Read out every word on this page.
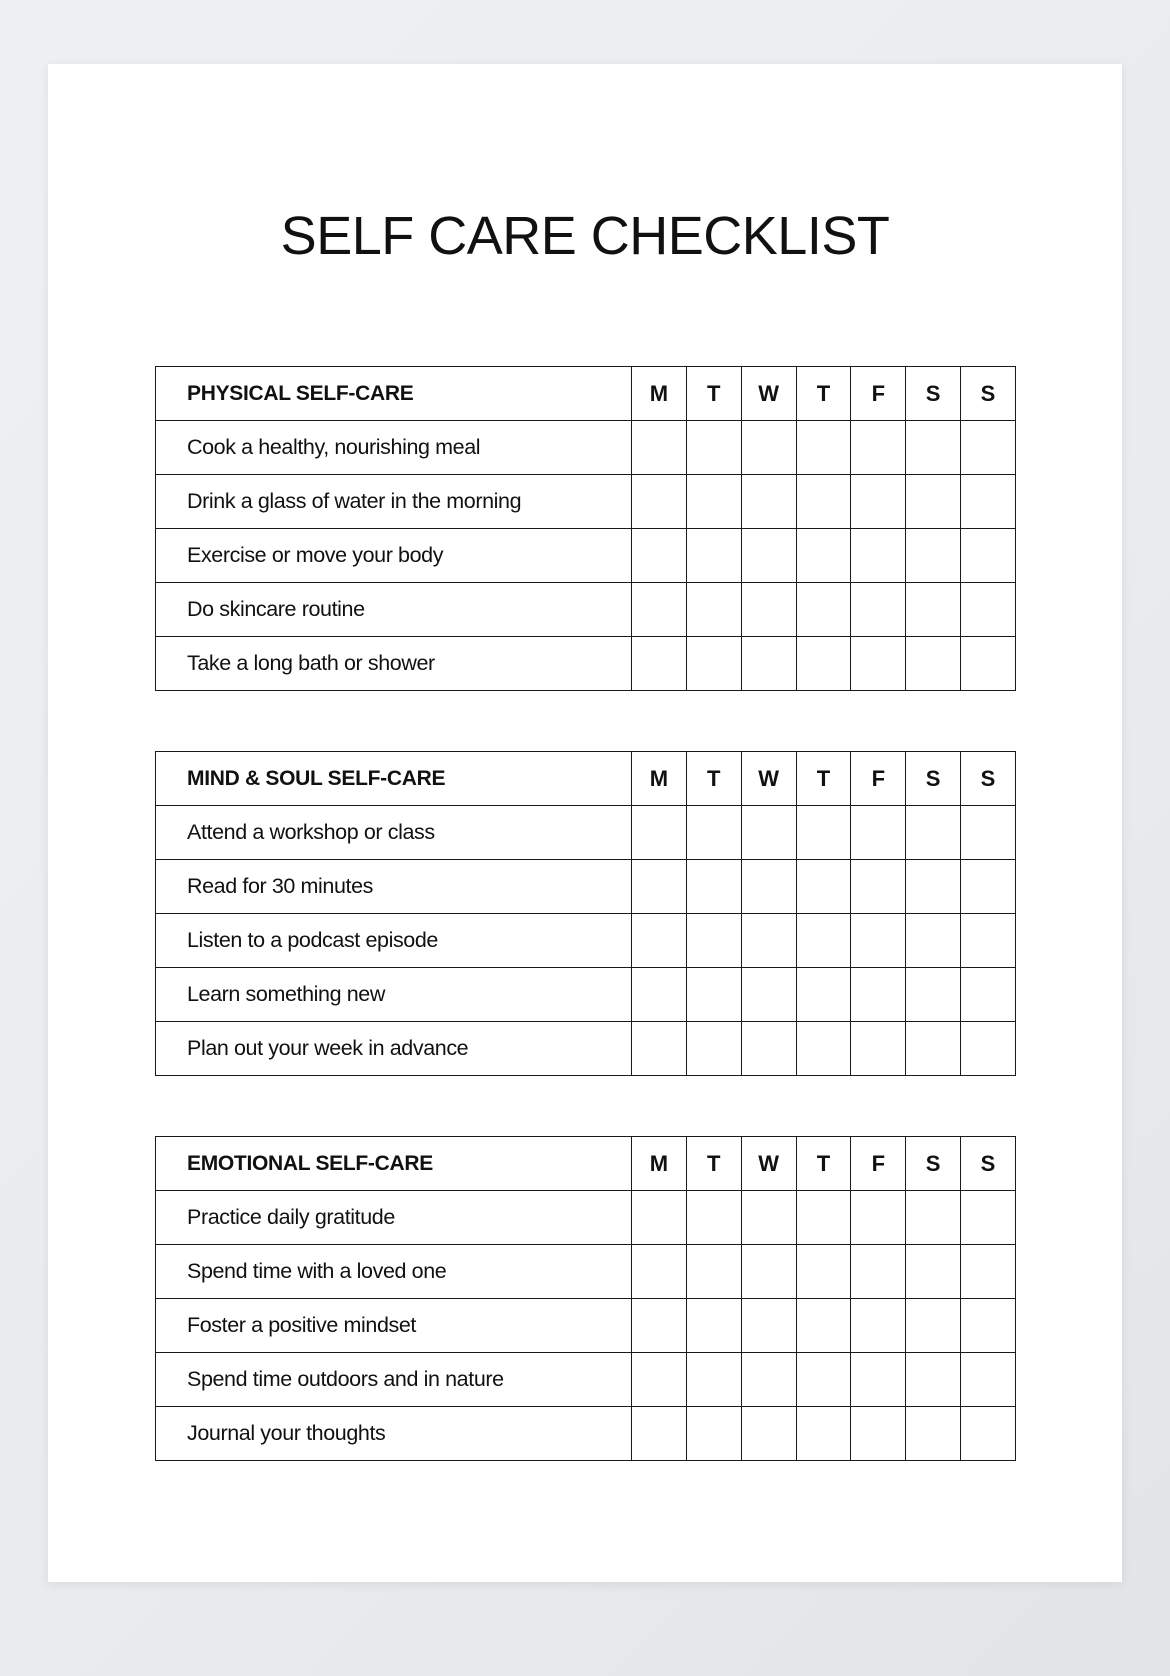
SELF CARE CHECKLIST
PHYSICAL SELF-CARE	M	T	W	T	F	S	S
Cook a healthy, nourishing meal							
Drink a glass of water in the morning							
Exercise or move your body							
Do skincare routine							
Take a long bath or shower							
MIND & SOUL SELF-CARE	M	T	W	T	F	S	S
Attend a workshop or class							
Read for 30 minutes							
Listen to a podcast episode							
Learn something new							
Plan out your week in advance							
EMOTIONAL SELF-CARE	M	T	W	T	F	S	S
Practice daily gratitude							
Spend time with a loved one							
Foster a positive mindset							
Spend time outdoors and in nature							
Journal your thoughts							
